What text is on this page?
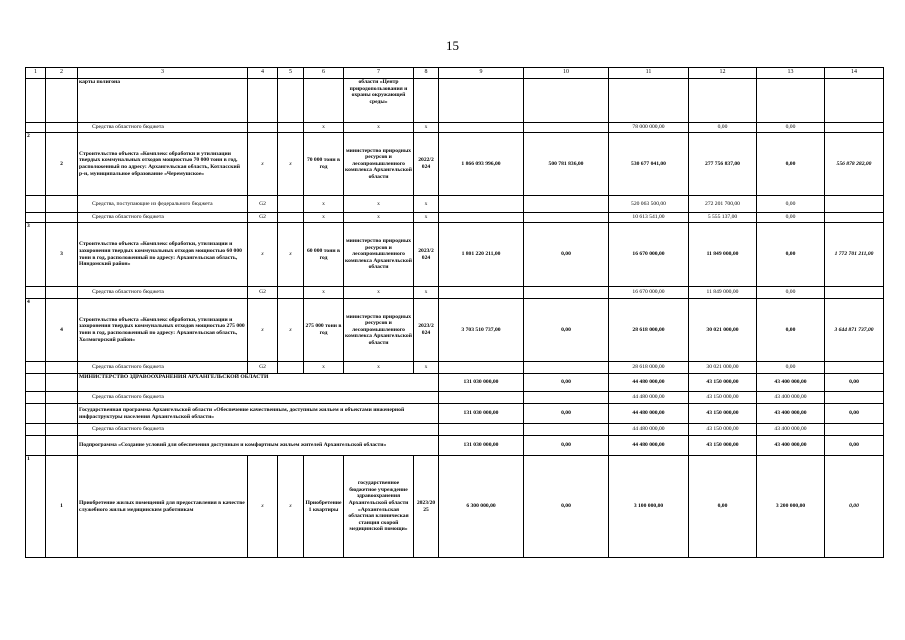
15
1	2	3	4	5	6	7	8	9	10	11	12	13	14
		карты полигона				области «Центр природопользования и охраны окружающей среды»							
		Средства областного бюджета			x	x	x			78 000 000,00	0,00	0,00	
2	2	Строительство объекта «Комплекс обработки и утилизации твердых коммунальных отходов мощностью 70 000 тонн в год, расположенный по адресу: Архангельская область, Котласский р-н, муниципальное образование «Черемушское»	x	x	70 000 тонн в год	министерство природных ресурсов и лесопромышленного комплекса Архангельской области	2022/2 024	1 866 093 996,00	500 781 836,00	530 677 041,00	277 756 837,00	0,00	556 878 282,00
		Средства, поступающие из федерального бюджета	G2		x	x	x			520 063 500,00	272 201 700,00	0,00	
		Средства областного бюджета	G2		x	x	x			10 613 541,00	5 555 137,00	0,00	
3	3	Строительство объекта «Комплекс обработки, утилизации и захоронения твердых коммунальных отходов мощностью 60 000 тонн в год, расположенный по адресу: Архангельская область, Няндомский район»	x	x	60 000 тонн в год	министерство природных ресурсов и лесопромышленного комплекса Архангельской области	2023/2 024	1 801 220 211,00	0,00	16 670 000,00	11 849 000,00	0,00	1 772 701 211,00
		Средства областного бюджета	G2		x	x	x			16 670 000,00	11 849 000,00	0,00	
4	4	Строительство объекта «Комплекс обработки, утилизации и захоронения твердых коммунальных отходов мощностью 275 000 тонн в год, расположенный по адресу: Архангельская область, Холмогорский район»	x	x	275 000 тонн в год	министерство природных ресурсов и лесопромышленного комплекса Архангельской области	2023/2 024	3 703 510 737,00	0,00	28 618 000,00	30 021 000,00	0,00	3 644 871 737,00
		Средства областного бюджета	G2		x	x	x			28 618 000,00	30 021 000,00	0,00	
		МИНИСТЕРСТВО ЗДРАВООХРАНЕНИЯ АРХАНГЕЛЬСКОЙ ОБЛАСТИ						131 030 000,00	0,00	44 480 000,00	43 150 000,00	43 400 000,00	0,00
		Средства областного бюджета								44 480 000,00	43 150 000,00	43 400 000,00	
		Государственная программа Архангельской области «Обеспечение качественным, доступным жильем и объектами инженерной инфраструктуры населения Архангельской области»						131 030 000,00	0,00	44 480 000,00	43 150 000,00	43 400 000,00	0,00
		Средства областного бюджета								44 480 000,00	43 150 000,00	43 400 000,00	
		Подпрограмма «Создание условий для обеспечения доступным и комфортным жильем жителей Архангельской области»						131 030 000,00	0,00	44 480 000,00	43 150 000,00	43 400 000,00	0,00
1	1	Приобретение жилых помещений для предоставления в качестве служебного жилья медицинским работникам	x	x	Приобретение 1 квартиры	государственное бюджетное учреждение здравоохранения Архангельской области «Архангельская областная клиническая станция скорой медицинской помощи»	2023/20 25	6 300 000,00	0,00	3 100 000,00	0,00	3 200 000,00	0,00
